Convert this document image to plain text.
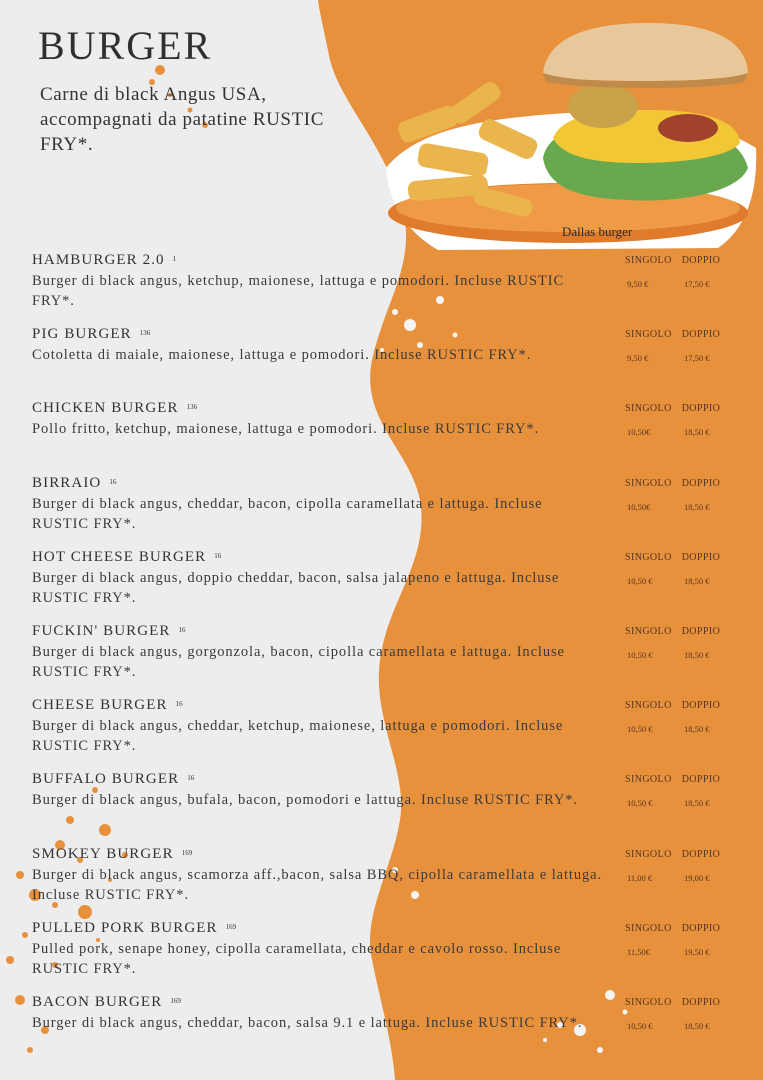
BURGER
Carne di black Angus USA, accompagnati da patatine RUSTIC FRY*.
Dallas burger
HAMBURGER 2.0 $^1$
Burger di black angus, ketchup, maionese, lattuga e pomodori. Incluse RUSTIC FRY*.
SINGOLO DOPPIO
9,50 €	17,50 €
PIG BURGER $^{136}$
Cotoletta di maiale, maionese, lattuga e pomodori. Incluse RUSTIC FRY*.
SINGOLO DOPPIO
9,50 €	17,50 €
CHICKEN BURGER $^{136}$
Pollo fritto, ketchup, maionese, lattuga e pomodori. Incluse RUSTIC FRY*.
SINGOLO DOPPIO
10,50€	18,50 €
BIRRAIO $^{16}$
Burger di black angus, cheddar, bacon, cipolla caramellata e lattuga. Incluse RUSTIC FRY*.
SINGOLO DOPPIO
10,50€	18,50 €
HOT CHEESE BURGER $^{16}$
Burger di black angus, doppio cheddar, bacon, salsa jalapeno e lattuga. Incluse RUSTIC FRY*.
SINGOLO DOPPIO
10,50 €	18,50 €
FUCKIN' BURGER $^{16}$
Burger di black angus, gorgonzola, bacon, cipolla caramellata e lattuga. Incluse RUSTIC FRY*.
SINGOLO DOPPIO
10,50 €	18,50 €
CHEESE BURGER $^{16}$
Burger di black angus, cheddar, ketchup, maionese, lattuga e pomodori. Incluse RUSTIC FRY*.
SINGOLO DOPPIO
10,50 €	18,50 €
BUFFALO BURGER $^{16}$
Burger di black angus, bufala, bacon, pomodori e lattuga. Incluse RUSTIC FRY*.
SINGOLO DOPPIO
10,50 €	18,50 €
SMOKEY BURGER $^{169}$
Burger di black angus, scamorza aff.,bacon, salsa BBQ, cipolla caramellata e lattuga. Incluse RUSTIC FRY*.
SINGOLO DOPPIO
11,00 €	19,00 €
PULLED PORK BURGER $^{169}$
Pulled pork, senape honey, cipolla caramellata, cheddar e cavolo rosso. Incluse RUSTIC FRY*.
SINGOLO DOPPIO
11,50€	19,50 €
BACON BURGER $^{169}$
Burger di black angus, cheddar, bacon, salsa 9.1 e lattuga. Incluse RUSTIC FRY*.
SINGOLO DOPPIO
10,50 €	18,50 €
